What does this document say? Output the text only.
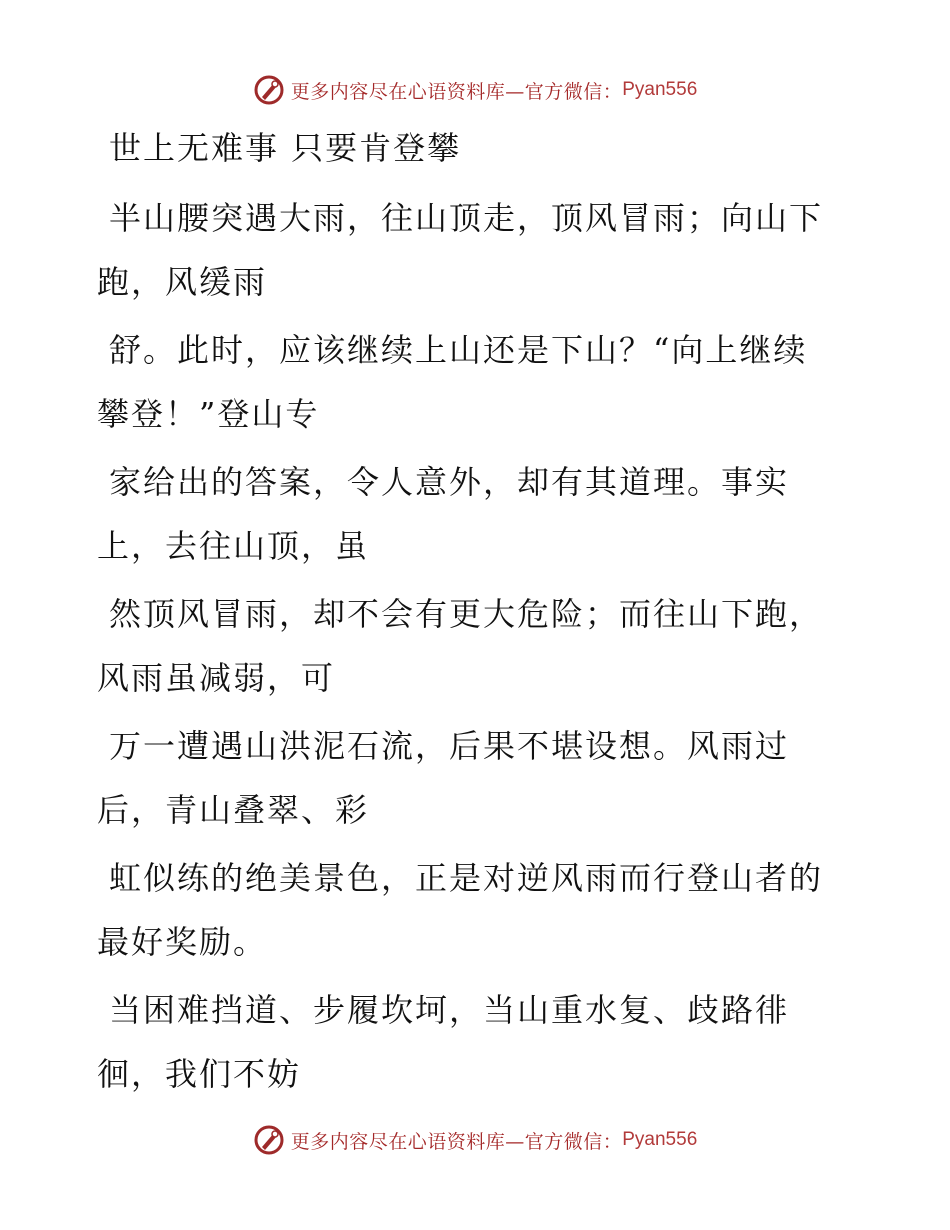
更多内容尽在心语资料库—官方微信： Pyan556
世上无难事 只要肯登攀
半山腰突遇大雨，往山顶走，顶风冒雨；向山下跑，风缓雨
舒。此时，应该继续上山还是下山？“向上继续攀登！”登山专
家给出的答案，令人意外，却有其道理。事实上，去往山顶，虽
然顶风冒雨，却不会有更大危险；而往山下跑，风雨虽减弱，可
万一遭遇山洪泥石流，后果不堪设想。风雨过后，青山叠翠、彩
虹似练的绝美景色，正是对逆风雨而行登山者的最好奖励。
当困难挡道、步履坎坷，当山重水复、歧路徘徊，我们不妨
更多内容尽在心语资料库—官方微信： Pyan556
